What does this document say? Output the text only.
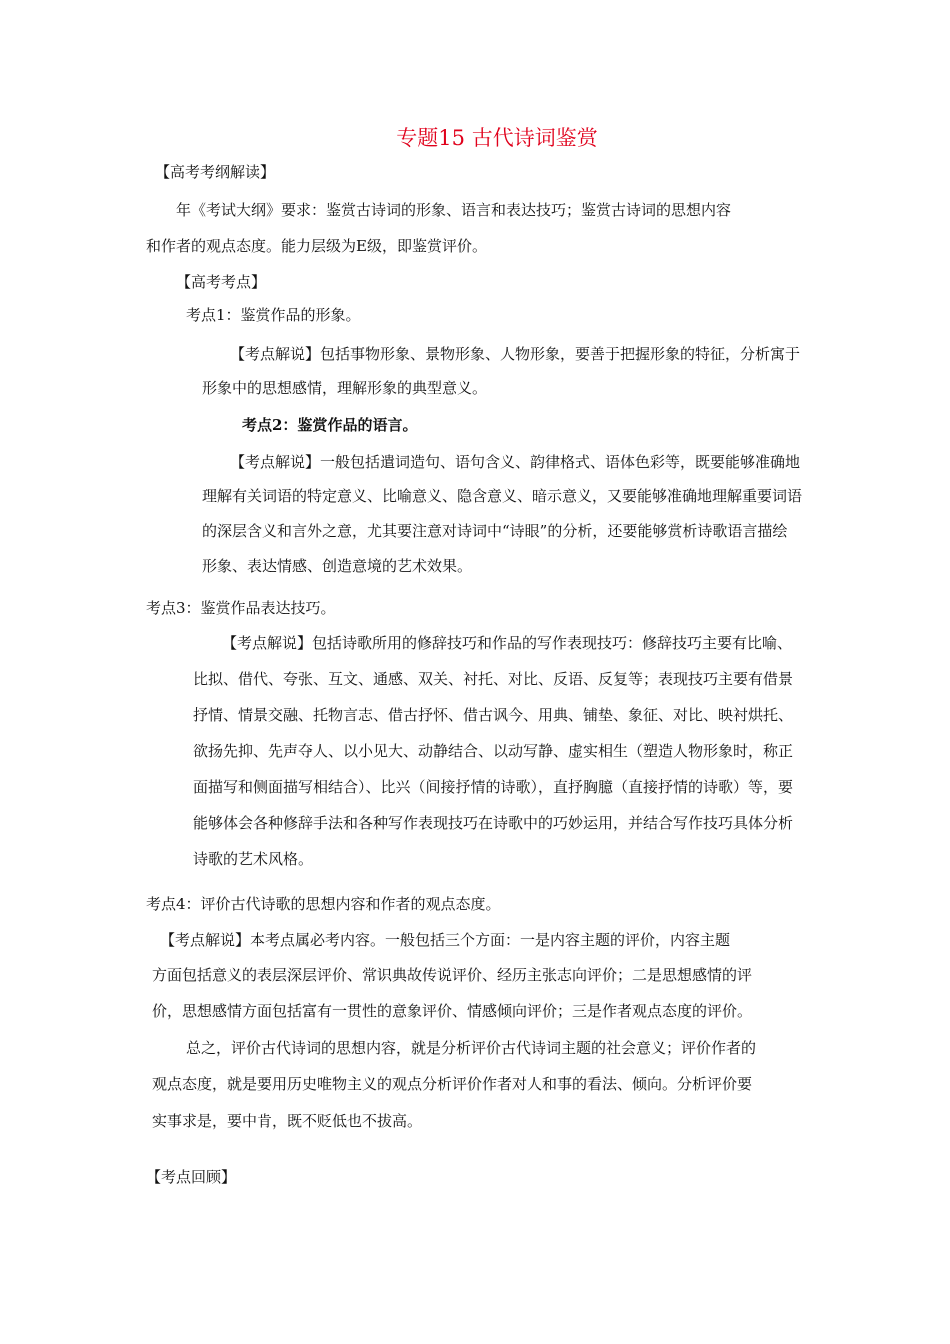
专题15 古代诗词鉴赏
【高考考纲解读】
年《考试大纲》要求：鉴赏古诗词的形象、语言和表达技巧；鉴赏古诗词的思想内容
和作者的观点态度。能力层级为E级，即鉴赏评价。
【高考考点】
考点1：鉴赏作品的形象。
【考点解说】包括事物形象、景物形象、人物形象，要善于把握形象的特征，分析寓于
形象中的思想感情，理解形象的典型意义。
考点2：鉴赏作品的语言。
【考点解说】一般包括遣词造句、语句含义、韵律格式、语体色彩等，既要能够准确地
理解有关词语的特定意义、比喻意义、隐含意义、暗示意义，又要能够准确地理解重要词语
的深层含义和言外之意，尤其要注意对诗词中“诗眼”的分析，还要能够赏析诗歌语言描绘
形象、表达情感、创造意境的艺术效果。
考点3：鉴赏作品表达技巧。
【考点解说】包括诗歌所用的修辞技巧和作品的写作表现技巧：修辞技巧主要有比喻、
比拟、借代、夸张、互文、通感、双关、衬托、对比、反语、反复等；表现技巧主要有借景
抒情、情景交融、托物言志、借古抒怀、借古讽今、用典、铺垫、象征、对比、映衬烘托、
欲扬先抑、先声夺人、以小见大、动静结合、以动写静、虚实相生（塑造人物形象时，称正
面描写和侧面描写相结合）、比兴（间接抒情的诗歌），直抒胸臆（直接抒情的诗歌）等，要
能够体会各种修辞手法和各种写作表现技巧在诗歌中的巧妙运用，并结合写作技巧具体分析
诗歌的艺术风格。
考点4：评价古代诗歌的思想内容和作者的观点态度。
【考点解说】本考点属必考内容。一般包括三个方面：一是内容主题的评价，内容主题
方面包括意义的表层深层评价、常识典故传说评价、经历主张志向评价；二是思想感情的评
价，思想感情方面包括富有一贯性的意象评价、情感倾向评价；三是作者观点态度的评价。
总之，评价古代诗词的思想内容，就是分析评价古代诗词主题的社会意义；评价作者的
观点态度，就是要用历史唯物主义的观点分析评价作者对人和事的看法、倾向。分析评价要
实事求是，要中肯，既不贬低也不拔高。
【考点回顾】
